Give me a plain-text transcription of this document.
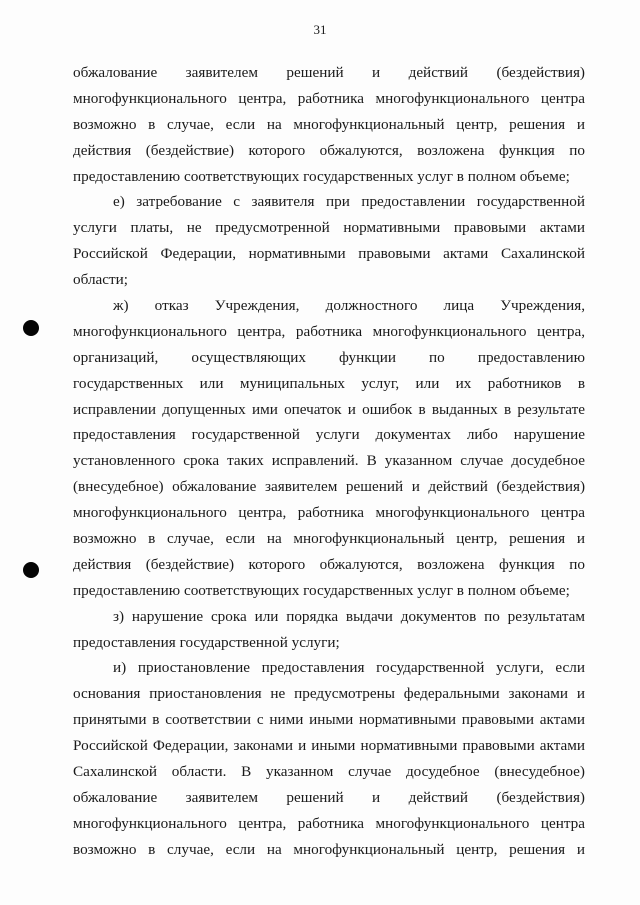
31
обжалование заявителем решений и действий (бездействия)
многофункционального центра, работника многофункционального центра
возможно в случае, если на многофункциональный центр, решения и
действия (бездействие) которого обжалуются, возложена функция по
предоставлению соответствующих государственных услуг в полном объеме;
е) затребование с заявителя при предоставлении государственной
услуги платы, не предусмотренной нормативными правовыми актами
Российской Федерации, нормативными правовыми актами Сахалинской
области;
ж) отказ Учреждения, должностного лица Учреждения,
многофункционального центра, работника многофункционального центра,
организаций, осуществляющих функции по предоставлению
государственных или муниципальных услуг, или их работников в
исправлении допущенных ими опечаток и ошибок в выданных в результате
предоставления государственной услуги документах либо нарушение
установленного срока таких исправлений. В указанном случае досудебное
(внесудебное) обжалование заявителем решений и действий (бездействия)
многофункционального центра, работника многофункционального центра
возможно в случае, если на многофункциональный центр, решения и
действия (бездействие) которого обжалуются, возложена функция по
предоставлению соответствующих государственных услуг в полном объеме;
з) нарушение срока или порядка выдачи документов по результатам
предоставления государственной услуги;
и) приостановление предоставления государственной услуги, если
основания приостановления не предусмотрены федеральными законами и
принятыми в соответствии с ними иными нормативными правовыми актами
Российской Федерации, законами и иными нормативными правовыми актами
Сахалинской области. В указанном случае досудебное (внесудебное)
обжалование заявителем решений и действий (бездействия)
многофункционального центра, работника многофункционального центра
возможно в случае, если на многофункциональный центр, решения и
